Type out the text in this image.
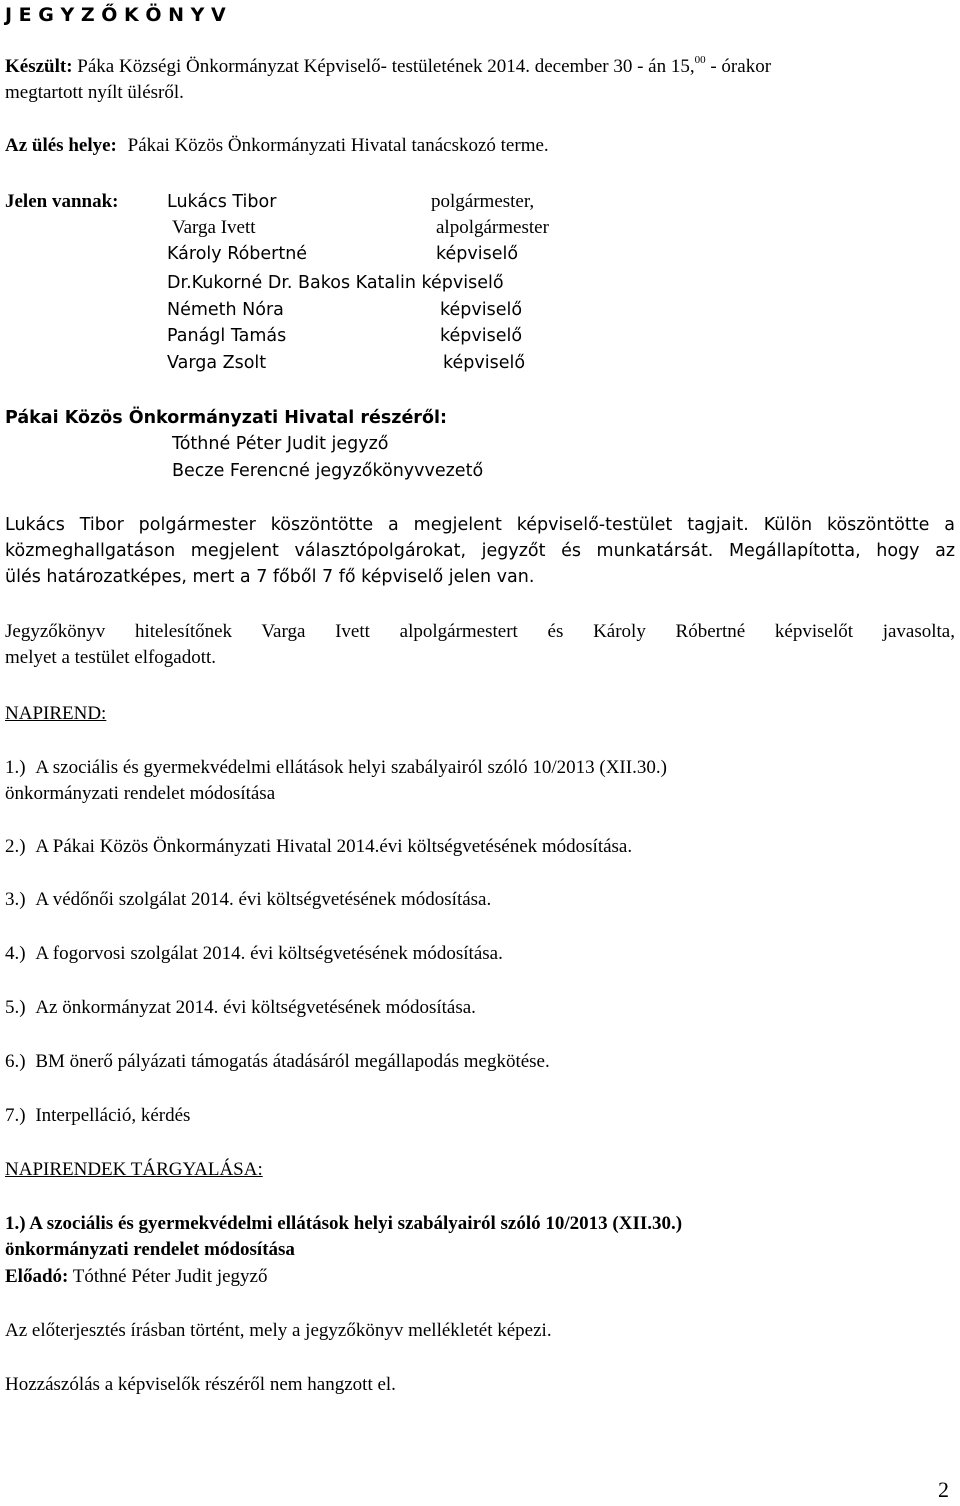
J E G Y Z Ő K Ö N Y V
Készült: Páka Községi Önkormányzat Képviselő- testületének 2014. december 30 - án 15,00 - órakor
megtartott nyílt ülésről.
Az ülés helye: Pákai Közös Önkormányzati Hivatal tanácskozó terme.
Jelen vannak:	Lukács Tibor	polgármester,
Varga Ivett	alpolgármester
Károly Róbertné	képviselő
Dr.Kukorné Dr. Bakos Katalin képviselő
Németh Nóra	képviselő
Panágl Tamás	képviselő
Varga Zsolt	képviselő
Pákai Közös Önkormányzati Hivatal részéről:
Tóthné Péter Judit jegyző
Becze Ferencné jegyzőkönyvvezető
Lukács Tibor polgármester köszöntötte a megjelent képviselő-testület tagjait. Külön köszöntötte a
közmeghallgatáson megjelent választópolgárokat, jegyzőt és munkatársát. Megállapította, hogy az
ülés határozatképes, mert a 7 főből 7 fő képviselő jelen van.
Jegyzőkönyv hitelesítőnek Varga Ivett alpolgármestert és Károly Róbertné képviselőt javasolta,
melyet a testület elfogadott.
NAPIREND:
1.) A szociális és gyermekvédelmi ellátások helyi szabályairól szóló 10/2013 (XII.30.)
önkormányzati rendelet módosítása
2.) A Pákai Közös Önkormányzati Hivatal 2014.évi költségvetésének módosítása.
3.) A védőnői szolgálat 2014. évi költségvetésének módosítása.
4.) A fogorvosi szolgálat 2014. évi költségvetésének módosítása.
5.) Az önkormányzat 2014. évi költségvetésének módosítása.
6.) BM önerő pályázati támogatás átadásáról megállapodás megkötése.
7.) Interpelláció, kérdés
NAPIRENDEK TÁRGYALÁSA:
1.) A szociális és gyermekvédelmi ellátások helyi szabályairól szóló 10/2013 (XII.30.)
önkormányzati rendelet módosítása
Előadó: Tóthné Péter Judit jegyző
Az előterjesztés írásban történt, mely a jegyzőkönyv mellékletét képezi.
Hozzászólás a képviselők részéről nem hangzott el.
2
